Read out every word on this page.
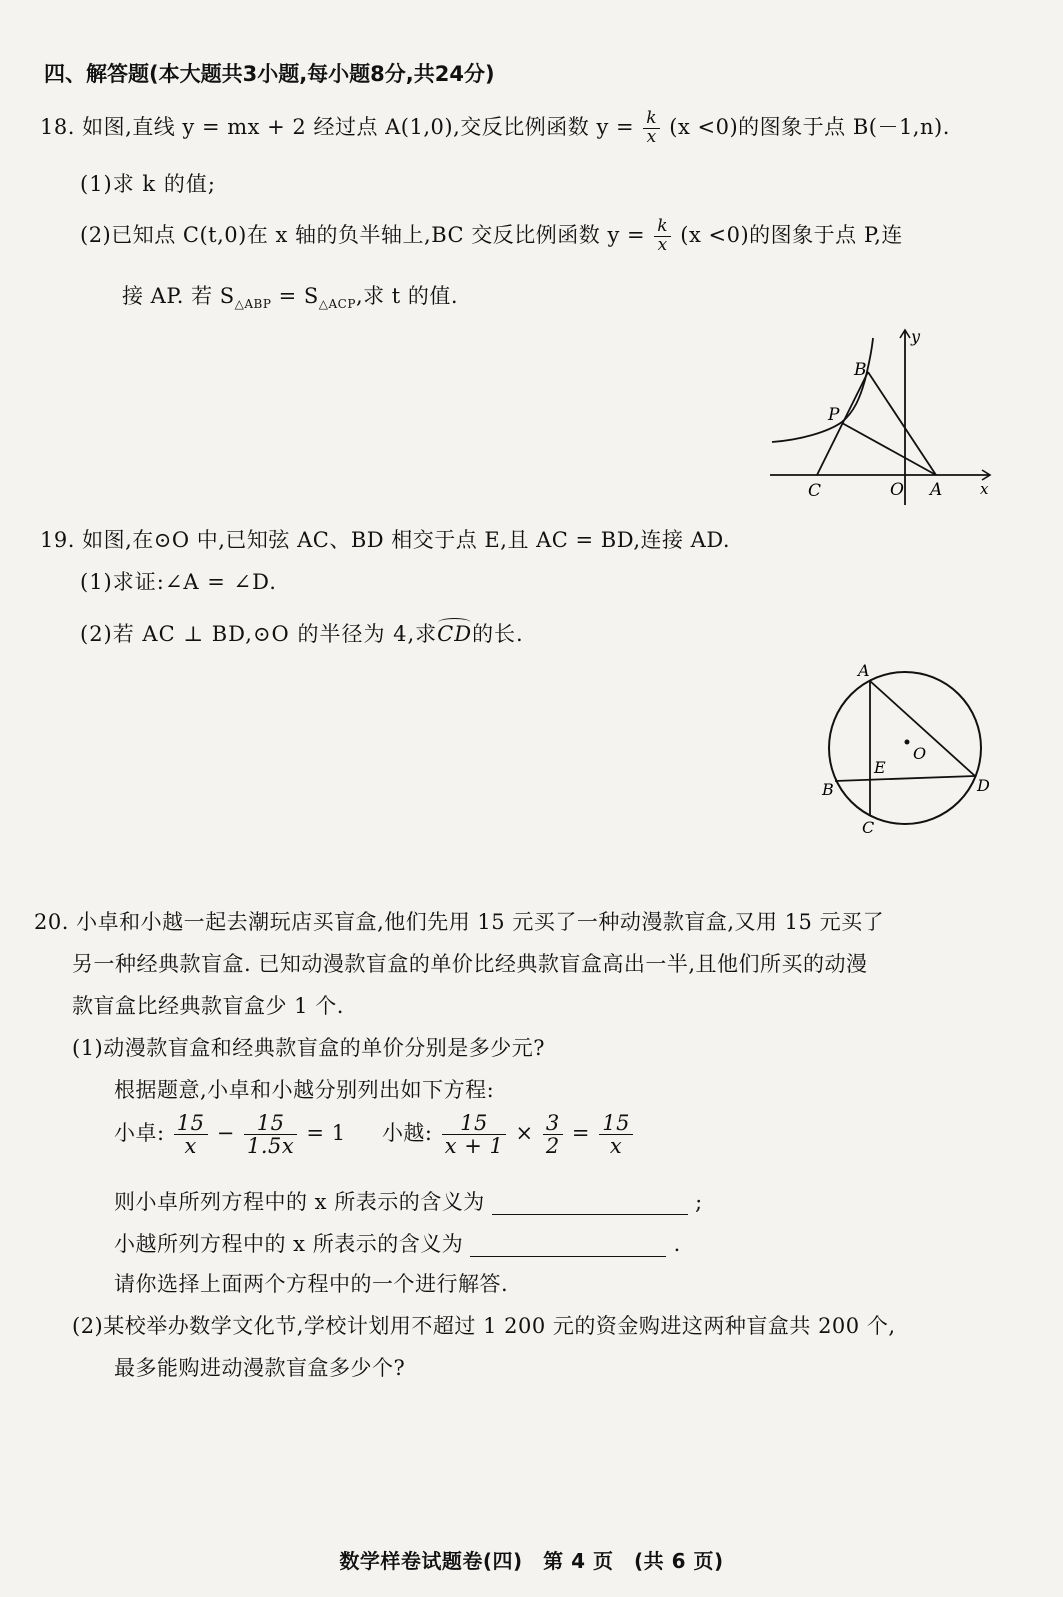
四、解答题(本大题共3小题,每小题8分,共24分)
18. 如图,直线 y = mx + 2 经过点 A(1,0),交反比例函数 $y = \frac{k}{x} (x <0)$的图象于点 B(－1,n).
(1)求 k 的值;
(2)已知点 C(t,0)在 x 轴的负半轴上,BC 交反比例函数 $y = \frac{k}{x} (x <0)$的图象于点 P,连
接 AP. 若 $S_{\triangle ABP} = S_{\triangle ACP}$,求 t 的值.
y
x
B
P
C	O A
19. 如图,在⊙O 中,已知弦 AC、BD 相交于点 E,且 AC = BD,连接 AD.
(1)求证:∠A = ∠D.
(2)若 AC ⊥ BD,⊙O 的半径为 4,求CD的长.
A
B
C
D
E
O
20. 小卓和小越一起去潮玩店买盲盒,他们先用 15 元买了一种动漫款盲盒,又用 15 元买了
另一种经典款盲盒. 已知动漫款盲盒的单价比经典款盲盒高出一半,且他们所买的动漫
款盲盒比经典款盲盒少 1 个.
(1)动漫款盲盒和经典款盲盒的单价分别是多少元?
根据题意,小卓和小越分别列出如下方程:
小卓: $\frac{15}{x} - \frac{15}{1.5x} = 1$ 小越: $\frac{15}{x + 1} \times \frac{3}{2} = \frac{15}{x}$
则小卓所列方程中的 x 所表示的含义为	;
小越所列方程中的 x 所表示的含义为	.
请你选择上面两个方程中的一个进行解答.
(2)某校举办数学文化节,学校计划用不超过 1 200 元的资金购进这两种盲盒共 200 个,
最多能购进动漫款盲盒多少个?
数学样卷试题卷(四)　第 4 页　(共 6 页)
